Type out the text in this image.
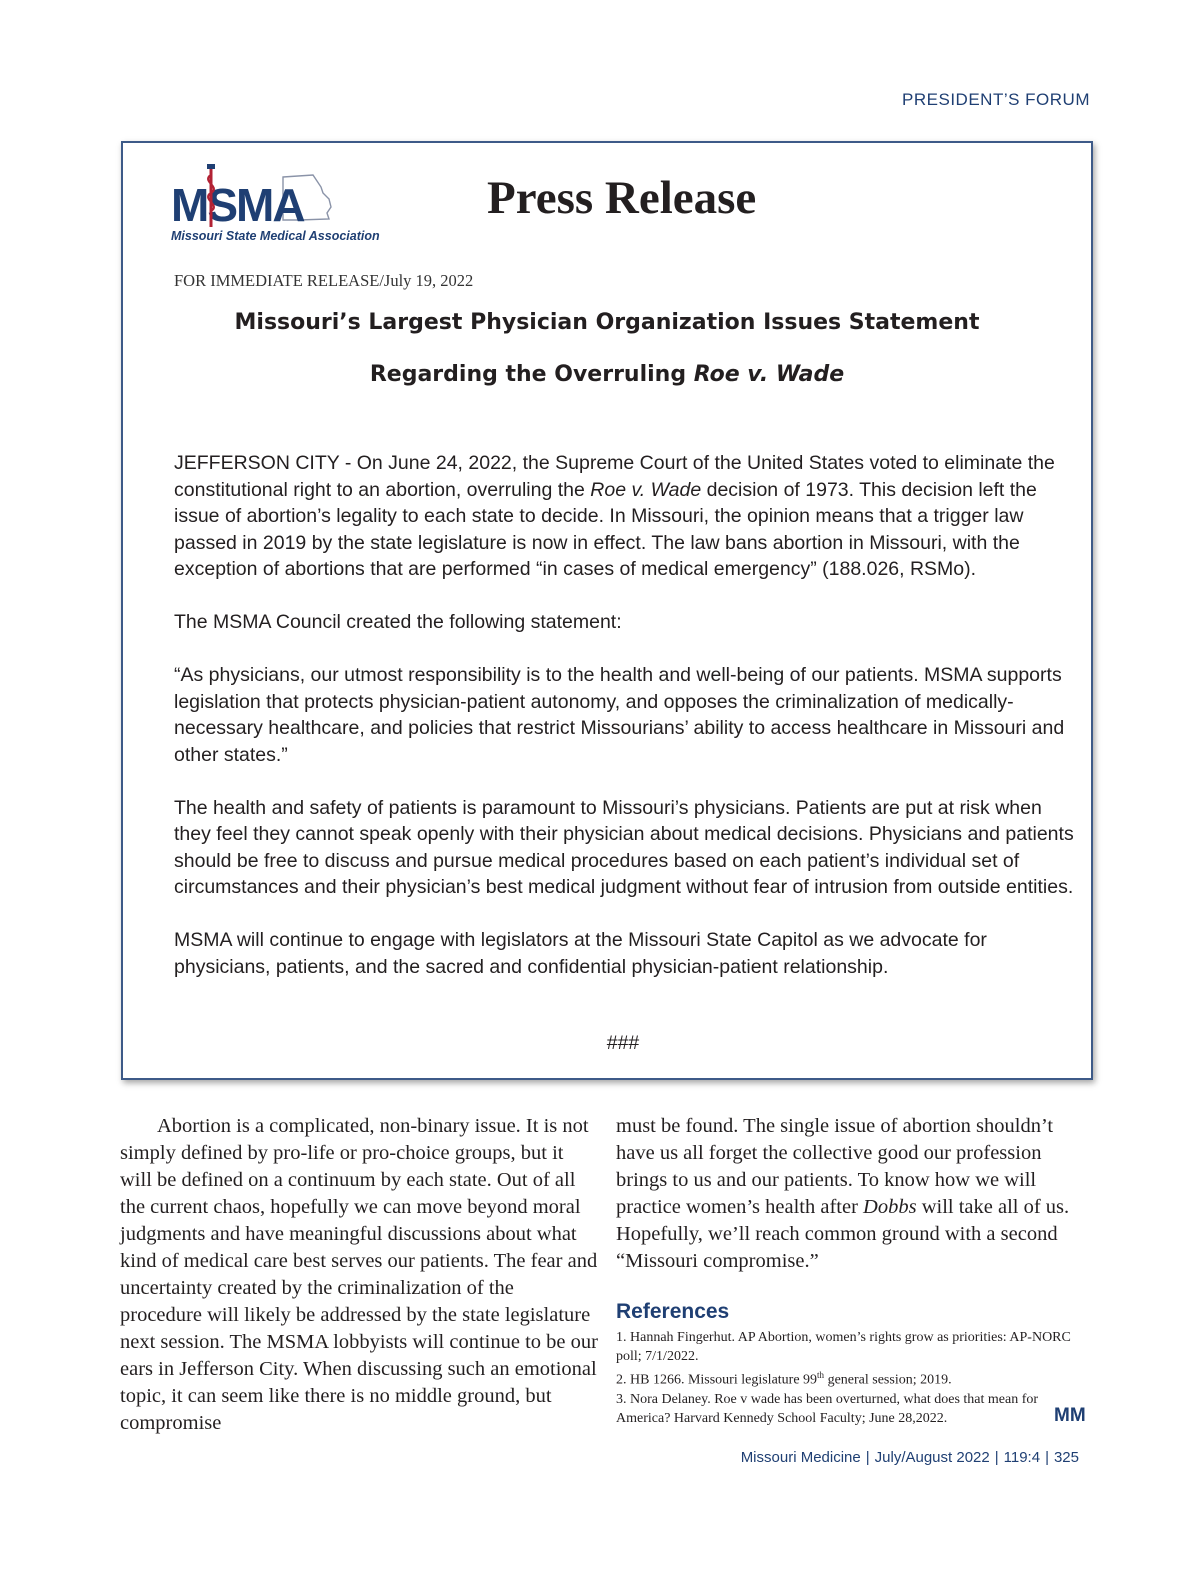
PRESIDENT’S FORUM
MSMA
Missouri State Medical Association
Press Release
FOR IMMEDIATE RELEASE/July 19, 2022
Missouri’s Largest Physician Organization Issues Statement
Regarding the Overruling Roe v. Wade

JEFFERSON CITY - On June 24, 2022, the Supreme Court of the United States voted to eliminate the constitutional right to an abortion, overruling the Roe v. Wade decision of 1973. This decision left the issue of abortion’s legality to each state to decide. In Missouri, the opinion means that a trigger law passed in 2019 by the state legislature is now in effect. The law bans abortion in Missouri, with the exception of abortions that are performed “in cases of medical emergency” (188.026, RSMo).

The MSMA Council created the following statement:

“As physicians, our utmost responsibility is to the health and well-being of our patients. MSMA supports legislation that protects physician-patient autonomy, and opposes the criminalization of medically-necessary healthcare, and policies that restrict Missourians’ ability to access healthcare in Missouri and other states.”

The health and safety of patients is paramount to Missouri’s physicians. Patients are put at risk when they feel they cannot speak openly with their physician about medical decisions. Physicians and patients should be free to discuss and pursue medical procedures based on each patient’s individual set of circumstances and their physician’s best medical judgment without fear of intrusion from outside entities.

MSMA will continue to engage with legislators at the Missouri State Capitol as we advocate for physicians, patients, and the sacred and confidential physician-patient relationship.

###
Abortion is a complicated, non-binary issue. It is not simply defined by pro-life or pro-choice groups, but it will be defined on a continuum by each state. Out of all the current chaos, hopefully we can move beyond moral judgments and have meaningful discussions about what kind of medical care best serves our patients. The fear and uncertainty created by the criminalization of the procedure will likely be addressed by the state legislature next session. The MSMA lobbyists will continue to be our ears in Jefferson City. When discussing such an emotional topic, it can seem like there is no middle ground, but compromise

must be found. The single issue of abortion shouldn’t have us all forget the collective good our profession brings to us and our patients. To know how we will practice women’s health after Dobbs will take all of us. Hopefully, we’ll reach common ground with a second “Missouri compromise.”

References
1. Hannah Fingerhut. AP Abortion, women’s rights grow as priorities: AP-NORC poll; 7/1/2022.
2. HB 1266. Missouri legislature 99th general session; 2019.
3. Nora Delaney. Roe v wade has been overturned, what does that mean for America? Harvard Kennedy School Faculty; June 28,2022.	MM
Missouri Medicine | July/August 2022 | 119:4 | 325
